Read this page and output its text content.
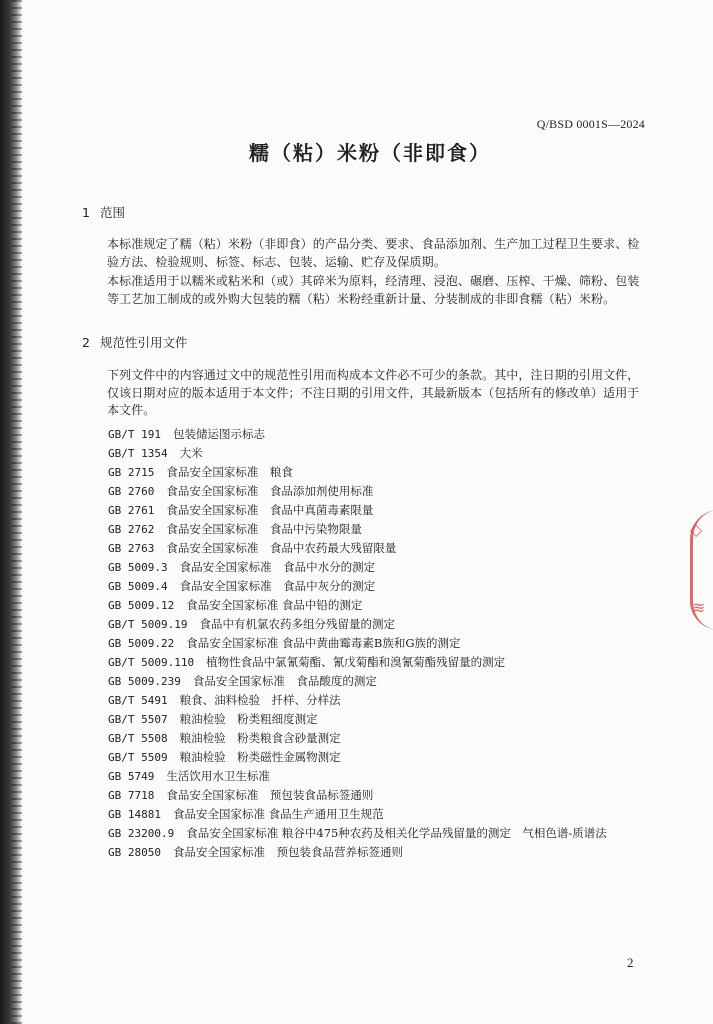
◇
≋
Q/BSD 0001S—2024
糯（粘）米粉（非即食）
1 范围
本标准规定了糯（粘）米粉（非即食）的产品分类、要求、食品添加剂、生产加工过程卫生要求、检验方法、检验规则、标签、标志、包装、运输、贮存及保质期。
本标准适用于以糯米或粘米和（或）其碎米为原料，经清理、浸泡、碾磨、压榨、干燥、筛粉、包装等工艺加工制成的或外购大包装的糯（粘）米粉经重新计量、分装制成的非即食糯（粘）米粉。
2 规范性引用文件
下列文件中的内容通过文中的规范性引用而构成本文件必不可少的条款。其中，注日期的引用文件，仅该日期对应的版本适用于本文件；不注日期的引用文件，其最新版本（包括所有的修改单）适用于本文件。
GB/T 191 包装储运图示标志
GB/T 1354 大米
GB 2715 食品安全国家标准　粮食
GB 2760 食品安全国家标准　食品添加剂使用标准
GB 2761 食品安全国家标准　食品中真菌毒素限量
GB 2762 食品安全国家标准　食品中污染物限量
GB 2763 食品安全国家标准　食品中农药最大残留限量
GB 5009.3 食品安全国家标准　食品中水分的测定
GB 5009.4 食品安全国家标准　食品中灰分的测定
GB 5009.12 食品安全国家标准 食品中铅的测定
GB/T 5009.19 食品中有机氯农药多组分残留量的测定
GB 5009.22 食品安全国家标准 食品中黄曲霉毒素B族和G族的测定
GB/T 5009.110 植物性食品中氯氰菊酯、氰戊菊酯和溴氰菊酯残留量的测定
GB 5009.239 食品安全国家标准　食品酸度的测定
GB/T 5491 粮食、油料检验　扦样、分样法
GB/T 5507 粮油检验　粉类粗细度测定
GB/T 5508 粮油检验　粉类粮食含砂量测定
GB/T 5509 粮油检验　粉类磁性金属物测定
GB 5749 生活饮用水卫生标准
GB 7718 食品安全国家标准　预包装食品标签通则
GB 14881 食品安全国家标准 食品生产通用卫生规范
GB 23200.9 食品安全国家标准 粮谷中475种农药及相关化学品残留量的测定　气相色谱-质谱法
GB 28050 食品安全国家标准　预包装食品营养标签通则
2
